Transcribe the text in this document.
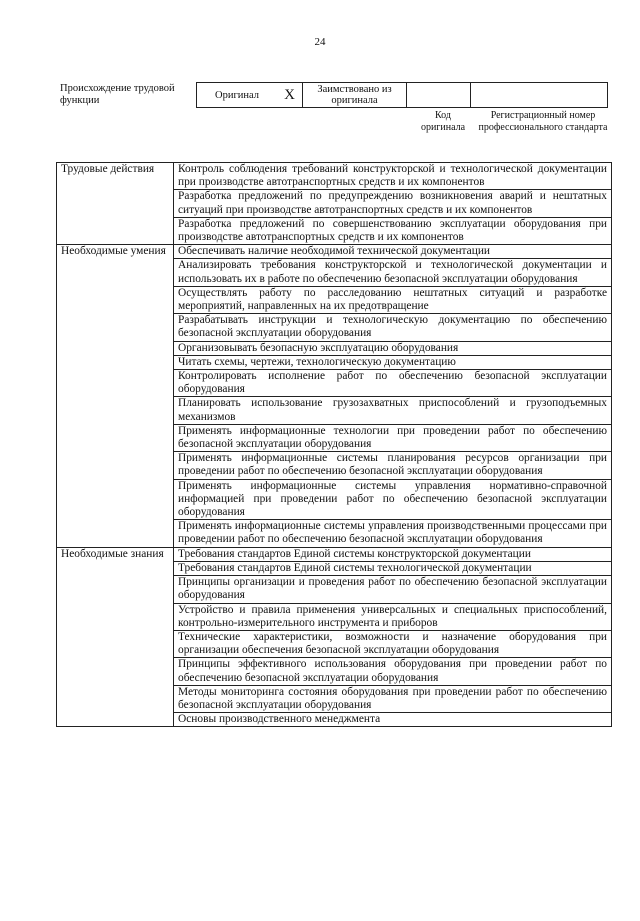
24
Происхождение трудовой функции	Оригинал	X	Заимствовано из оригинала
Код оригинала
Регистрационный номер профессионального стандарта
Трудовые действия	Контроль соблюдения требований конструкторской и технологической документации при производстве автотранспортных средств и их компонентов
	Разработка предложений по предупреждению возникновения аварий и нештатных ситуаций при производстве автотранспортных средств и их компонентов
	Разработка предложений по совершенствованию эксплуатации оборудования при производстве автотранспортных средств и их компонентов
Необходимые умения	Обеспечивать наличие необходимой технической документации
	Анализировать требования конструкторской и технологической документации и использовать их в работе по обеспечению безопасной эксплуатации оборудования
	Осуществлять работу по расследованию нештатных ситуаций и разработке мероприятий, направленных на их предотвращение
	Разрабатывать инструкции и технологическую документацию по обеспечению безопасной эксплуатации оборудования
	Организовывать безопасную эксплуатацию оборудования
	Читать схемы, чертежи, технологическую документацию
	Контролировать исполнение работ по обеспечению безопасной эксплуатации оборудования
	Планировать использование грузозахватных приспособлений и грузоподъемных механизмов
	Применять информационные технологии при проведении работ по обеспечению безопасной эксплуатации оборудования
	Применять информационные системы планирования ресурсов организации при проведении работ по обеспечению безопасной эксплуатации оборудования
	Применять информационные системы управления нормативно-справочной информацией при проведении работ по обеспечению безопасной эксплуатации оборудования
	Применять информационные системы управления производственными процессами при проведении работ по обеспечению безопасной эксплуатации оборудования
Необходимые знания	Требования стандартов Единой системы конструкторской документации
	Требования стандартов Единой системы технологической документации
	Принципы организации и проведения работ по обеспечению безопасной эксплуатации оборудования
	Устройство и правила применения универсальных и специальных приспособлений, контрольно-измерительного инструмента и приборов
	Технические характеристики, возможности и назначение оборудования при организации обеспечения безопасной эксплуатации оборудования
	Принципы эффективного использования оборудования при проведении работ по обеспечению безопасной эксплуатации оборудования
	Методы мониторинга состояния оборудования при проведении работ по обеспечению безопасной эксплуатации оборудования
	Основы производственного менеджмента
